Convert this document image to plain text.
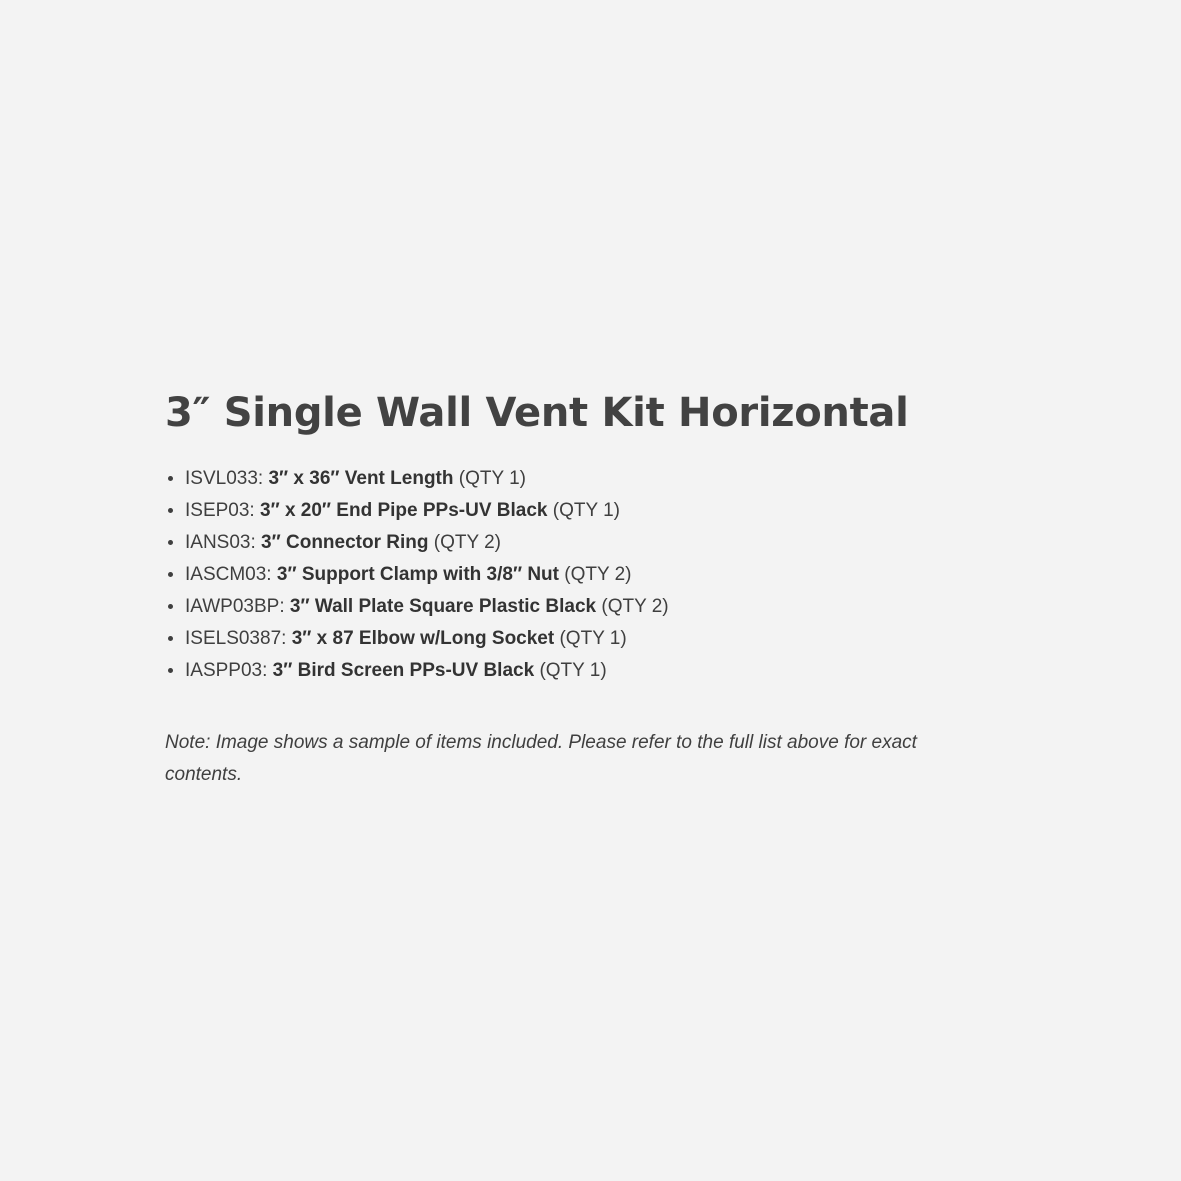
3″ Single Wall Vent Kit Horizontal
• ISVL033: 3″ x 36″ Vent Length (QTY 1)
• ISEP03: 3″ x 20″ End Pipe PPs-UV Black (QTY 1)
• IANS03: 3″ Connector Ring (QTY 2)
• IASCM03: 3″ Support Clamp with 3/8″ Nut (QTY 2)
• IAWP03BP: 3″ Wall Plate Square Plastic Black (QTY 2)
• ISELS0387: 3″ x 87 Elbow w/Long Socket (QTY 1)
• IASPP03: 3″ Bird Screen PPs-UV Black (QTY 1)

Note: Image shows a sample of items included. Please refer to the full list above for exact contents.
